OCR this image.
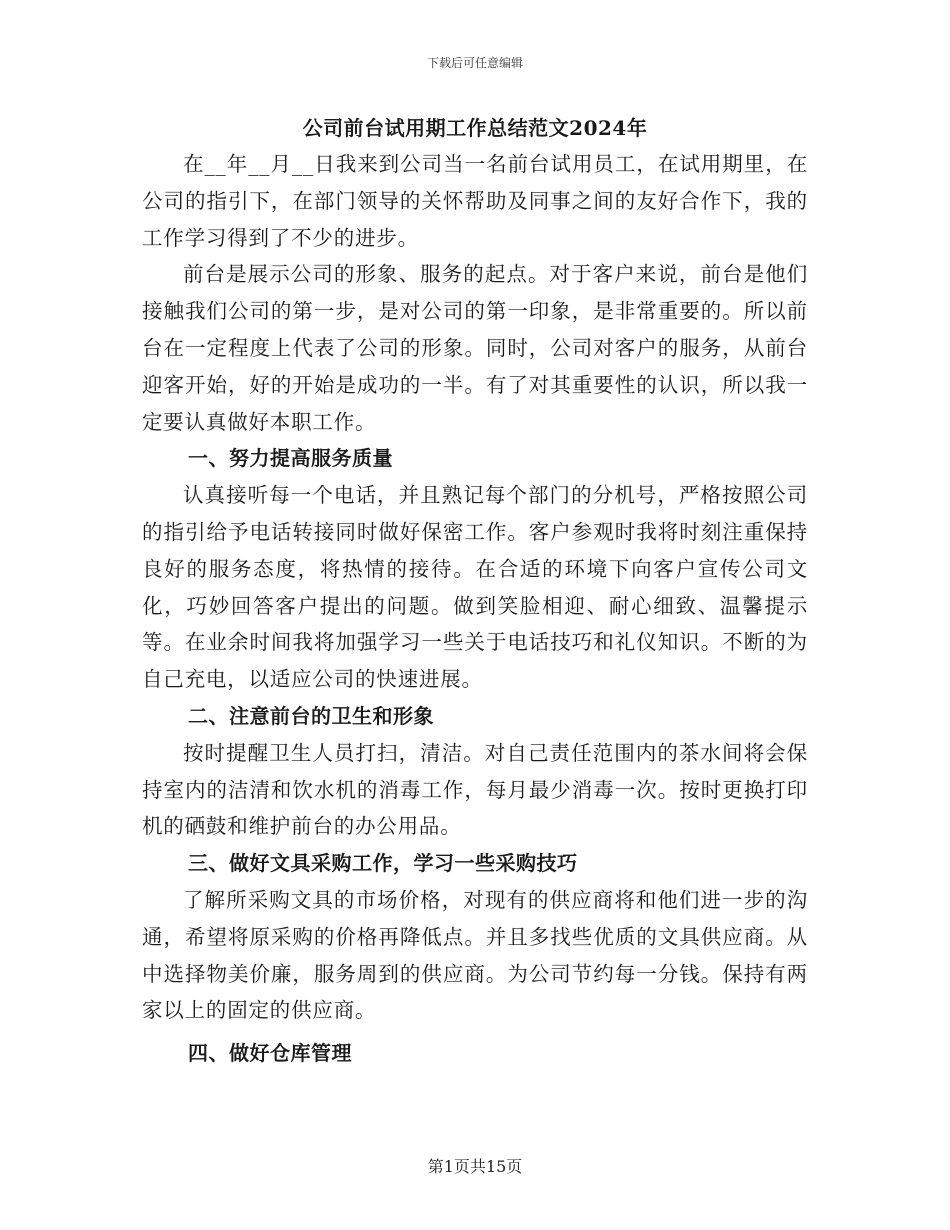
下载后可任意编辑
公司前台试用期工作总结范文2024年

在__年__月__日我来到公司当一名前台试用员工，在试用期里，在公司的指引下，在部门领导的关怀帮助及同事之间的友好合作下，我的工作学习得到了不少的进步。

前台是展示公司的形象、服务的起点。对于客户来说，前台是他们接触我们公司的第一步，是对公司的第一印象，是非常重要的。所以前台在一定程度上代表了公司的形象。同时，公司对客户的服务，从前台迎客开始，好的开始是成功的一半。有了对其重要性的认识，所以我一定要认真做好本职工作。

一、努力提高服务质量

认真接听每一个电话，并且熟记每个部门的分机号，严格按照公司的指引给予电话转接同时做好保密工作。客户参观时我将时刻注重保持良好的服务态度，将热情的接待。在合适的环境下向客户宣传公司文化，巧妙回答客户提出的问题。做到笑脸相迎、耐心细致、温馨提示等。在业余时间我将加强学习一些关于电话技巧和礼仪知识。不断的为自己充电，以适应公司的快速进展。

二、注意前台的卫生和形象

按时提醒卫生人员打扫，清洁。对自己责任范围内的茶水间将会保持室内的洁清和饮水机的消毒工作，每月最少消毒一次。按时更换打印机的硒鼓和维护前台的办公用品。

三、做好文具采购工作，学习一些采购技巧

了解所采购文具的市场价格，对现有的供应商将和他们进一步的沟通，希望将原采购的价格再降低点。并且多找些优质的文具供应商。从中选择物美价廉，服务周到的供应商。为公司节约每一分钱。保持有两家以上的固定的供应商。

四、做好仓库管理
第1页共15页
